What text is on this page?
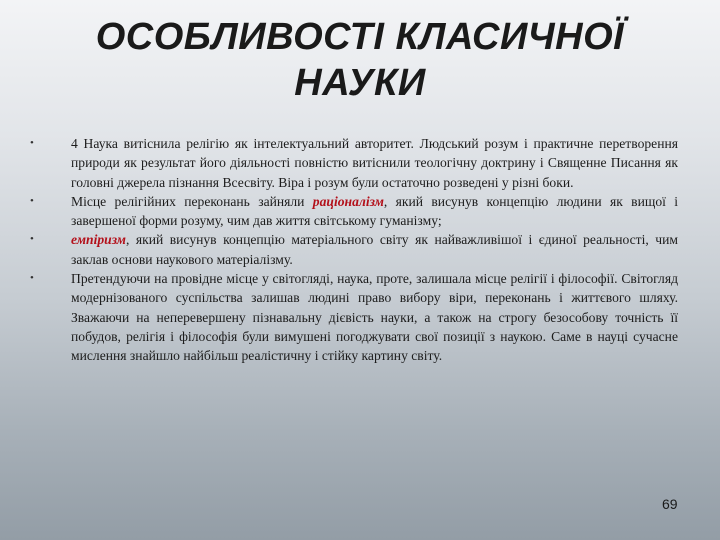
ОСОБЛИВОСТІ КЛАСИЧНОЇ
НАУКИ
•	4 Наука витіснила релігію як інтелектуальний авторитет. Людський розум і практичне перетворення природи як результат його діяльності повністю витіснили теологічну доктрину і Священне Писання як головні джерела пізнання Всесвіту. Віра і розум були остаточно розведені у різні боки.
•	Місце релігійних переконань зайняли раціоналізм, який висунув концепцію людини як вищої і завершеної форми розуму, чим дав життя світському гуманізму;
•	емпіризм, який висунув концепцію матеріального світу як найважливішої і єдиної реальності, чим заклав основи наукового матеріалізму.
•	Претендуючи на провідне місце у світогляді, наука, проте, залишала місце релігії і філософії. Світогляд модернізованого суспільства залишав людині право вибору віри, переконань і життєвого шляху. Зважаючи на неперевершену пізнавальну дієвість науки, а також на строгу безособову точність її побудов, релігія і філософія були вимушені погоджувати свої позиції з наукою. Саме в науці сучасне мислення знайшло найбільш реалістичну і стійку картину світу.
69
